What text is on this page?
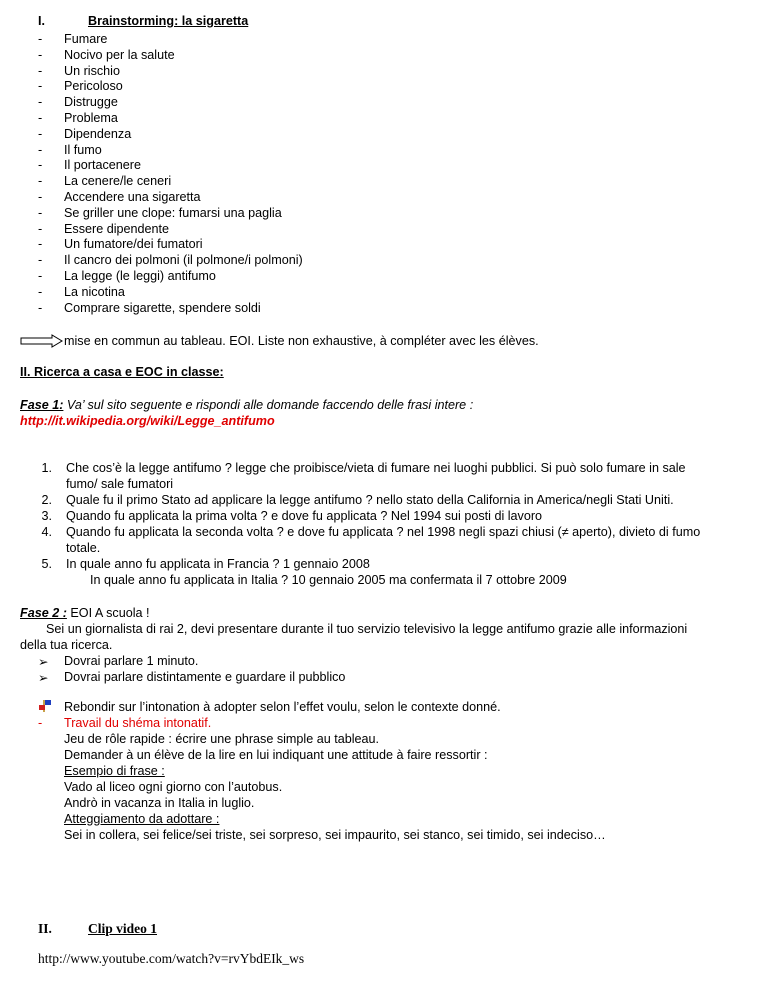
I.	Brainstorming: la sigaretta
- Fumare
- Nocivo per la salute
- Un rischio
- Pericoloso
- Distrugge
- Problema
- Dipendenza
- Il fumo
- Il portacenere
- La cenere/le ceneri
- Accendere una sigaretta
- Se griller une clope: fumarsi una paglia
- Essere dipendente
- Un fumatore/dei fumatori
- Il cancro dei polmoni (il polmone/i polmoni)
- La legge (le leggi) antifumo
- La nicotina
- Comprare sigarette, spendere soldi
mise en commun au tableau. EOI. Liste non exhaustive, à compléter avec les élèves.
II. Ricerca a casa e EOC in classe:
Fase 1: Va’ sul sito seguente e rispondi alle domande faccendo delle frasi intere :
http://it.wikipedia.org/wiki/Legge_antifumo
1. Che cos’è la legge antifumo ? legge che proibisce/vieta di fumare nei luoghi pubblici. Si può solo fumare in sale
fumo/ sale fumatori
2. Quale fu il primo Stato ad applicare la legge antifumo ? nello stato della California in America/negli Stati Uniti.
3. Quando fu applicata la prima volta ? e dove fu applicata ? Nel 1994 sui posti di lavoro
4. Quando fu applicata la seconda volta ? e dove fu applicata ? nel 1998 negli spazi chiusi (≠ aperto), divieto di fumo
totale.
5. In quale anno fu applicata in Francia ? 1 gennaio 2008
In quale anno fu applicata in Italia ? 10 gennaio 2005 ma confermata il 7 ottobre 2009
Fase 2 : EOI A scuola !
Sei un giornalista di rai 2, devi presentare durante il tuo servizio televisivo la legge antifumo grazie alle informazioni
della tua ricerca.
➢ Dovrai parlare 1 minuto.
➢ Dovrai parlare distintamente e guardare il pubblico
Rebondir sur l’intonation à adopter selon l’effet voulu, selon le contexte donné.
- Travail du shéma intonatif.
Jeu de rôle rapide : écrire une phrase simple au tableau.
Demander à un élève de la lire en lui indiquant une attitude à faire ressortir :
Esempio di frase :
Vado al liceo ogni giorno con l’autobus.
Andrò in vacanza in Italia in luglio.
Atteggiamento da adottare :
Sei in collera, sei felice/sei triste, sei sorpreso, sei impaurito, sei stanco, sei timido, sei indeciso…
II.	Clip video 1
http://www.youtube.com/watch?v=rvYbdEIk_ws
